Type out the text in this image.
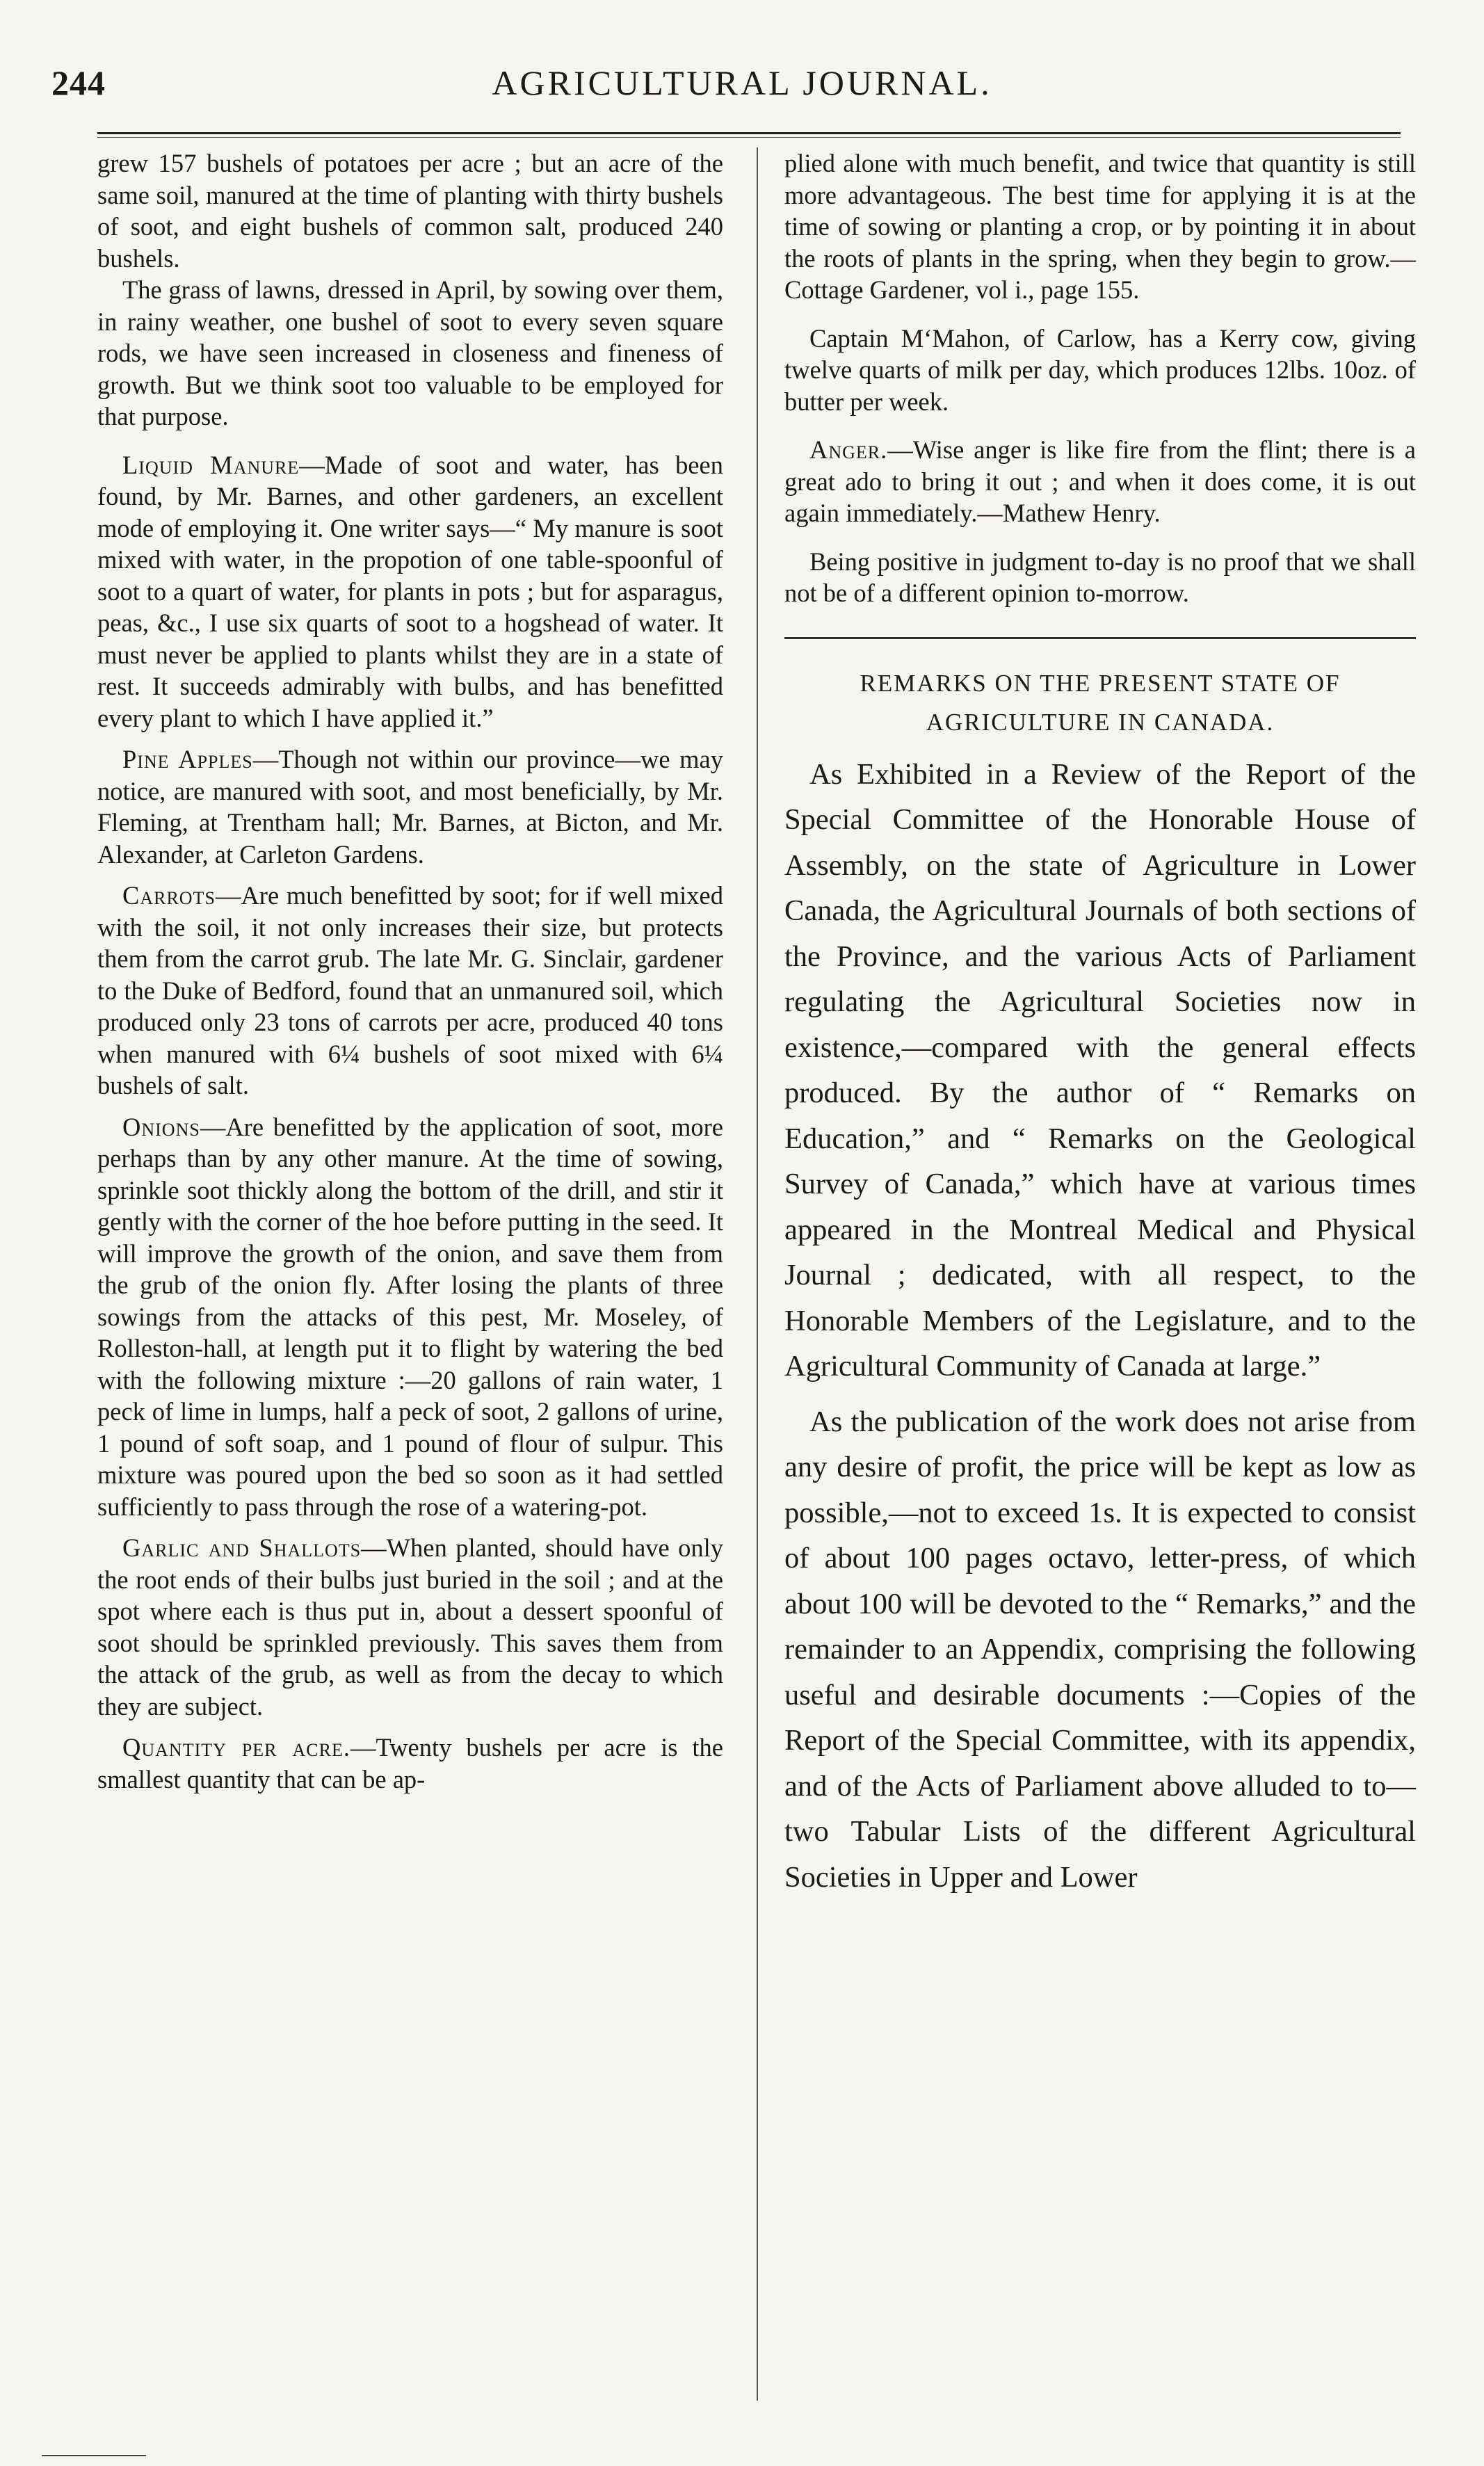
244	AGRICULTURAL JOURNAL.

grew 157 bushels of potatoes per acre ; but an acre of the same soil, manured at the time of planting with thirty bushels of soot, and eight bushels of common salt, produced 240 bushels.

The grass of lawns, dressed in April, by sowing over them, in rainy weather, one bushel of soot to every seven square rods, we have seen increased in closeness and fineness of growth. But we think soot too valuable to be employed for that purpose.

Liquid Manure—Made of soot and water, has been found, by Mr. Barnes, and other gardeners, an excellent mode of employing it. One writer says—“ My manure is soot mixed with water, in the propotion of one table-spoonful of soot to a quart of water, for plants in pots ; but for asparagus, peas, &c., I use six quarts of soot to a hogshead of water. It must never be applied to plants whilst they are in a state of rest. It succeeds admirably with bulbs, and has benefitted every plant to which I have applied it.”

Pine Apples—Though not within our province—we may notice, are manured with soot, and most beneficially, by Mr. Fleming, at Trentham hall; Mr. Barnes, at Bicton, and Mr. Alexander, at Carleton Gardens.

Carrots—Are much benefitted by soot; for if well mixed with the soil, it not only increases their size, but protects them from the carrot grub. The late Mr. G. Sinclair, gardener to the Duke of Bedford, found that an unmanured soil, which produced only 23 tons of carrots per acre, produced 40 tons when manured with 6¼ bushels of soot mixed with 6¼ bushels of salt.

Onions—Are benefitted by the application of soot, more perhaps than by any other manure. At the time of sowing, sprinkle soot thickly along the bottom of the drill, and stir it gently with the corner of the hoe before putting in the seed. It will improve the growth of the onion, and save them from the grub of the onion fly. After losing the plants of three sowings from the attacks of this pest, Mr. Moseley, of Rolleston-hall, at length put it to flight by watering the bed with the following mixture :—20 gallons of rain water, 1 peck of lime in lumps, half a peck of soot, 2 gallons of urine, 1 pound of soft soap, and 1 pound of flour of sulpur. This mixture was poured upon the bed so soon as it had settled sufficiently to pass through the rose of a watering-pot.

Garlic and Shallots—When planted, should have only the root ends of their bulbs just buried in the soil ; and at the spot where each is thus put in, about a dessert spoonful of soot should be sprinkled previously. This saves them from the attack of the grub, as well as from the decay to which they are subject.

Quantity per acre.—Twenty bushels per acre is the smallest quantity that can be ap-

plied alone with much benefit, and twice that quantity is still more advantageous. The best time for applying it is at the time of sowing or planting a crop, or by pointing it in about the roots of plants in the spring, when they begin to grow.—Cottage Gardener, vol i., page 155.

Captain M‘Mahon, of Carlow, has a Kerry cow, giving twelve quarts of milk per day, which produces 12lbs. 10oz. of butter per week.

Anger.—Wise anger is like fire from the flint; there is a great ado to bring it out ; and when it does come, it is out again immediately.—Mathew Henry.

Being positive in judgment to-day is no proof that we shall not be of a different opinion to-morrow.

REMARKS ON THE PRESENT STATE OF
AGRICULTURE IN CANADA.

As Exhibited in a Review of the Report of the Special Committee of the Honorable House of Assembly, on the state of Agriculture in Lower Canada, the Agricultural Journals of both sections of the Province, and the various Acts of Parliament regulating the Agricultural Societies now in existence,—compared with the general effects produced. By the author of “ Remarks on Education,” and “ Remarks on the Geological Survey of Canada,” which have at various times appeared in the Montreal Medical and Physical Journal ; dedicated, with all respect, to the Honorable Members of the Legislature, and to the Agricultural Community of Canada at large.”

As the publication of the work does not arise from any desire of profit, the price will be kept as low as possible,—not to exceed 1s. It is expected to consist of about 100 pages octavo, letter-press, of which about 100 will be devoted to the “ Remarks,” and the remainder to an Appendix, comprising the following useful and desirable documents :—Copies of the Report of the Special Committee, with its appendix, and of the Acts of Parliament above alluded to to—two Tabular Lists of the different Agricultural Societies in Upper and Lower
